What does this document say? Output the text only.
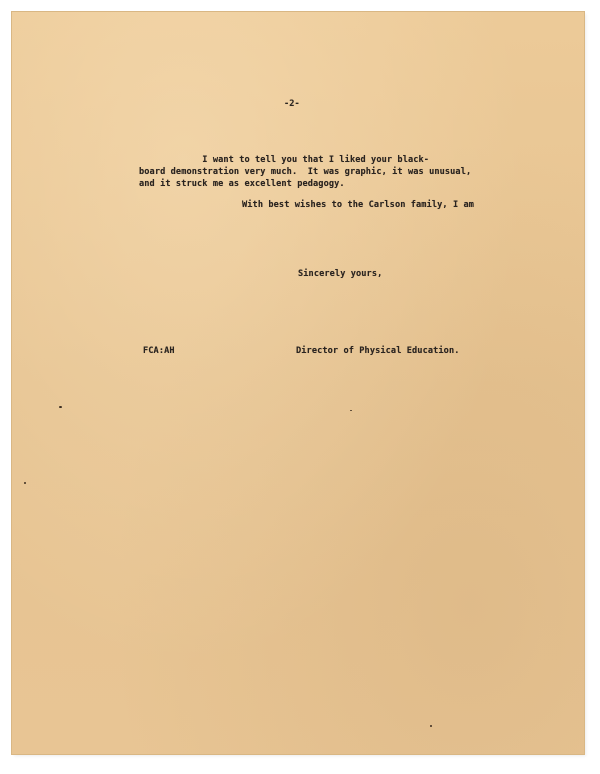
-2-
I want to tell you that I liked your black-
board demonstration very much.  It was graphic, it was unusual,
and it struck me as excellent pedagogy.
With best wishes to the Carlson family, I am
Sincerely yours,
FCA:AH	Director of Physical Education.
